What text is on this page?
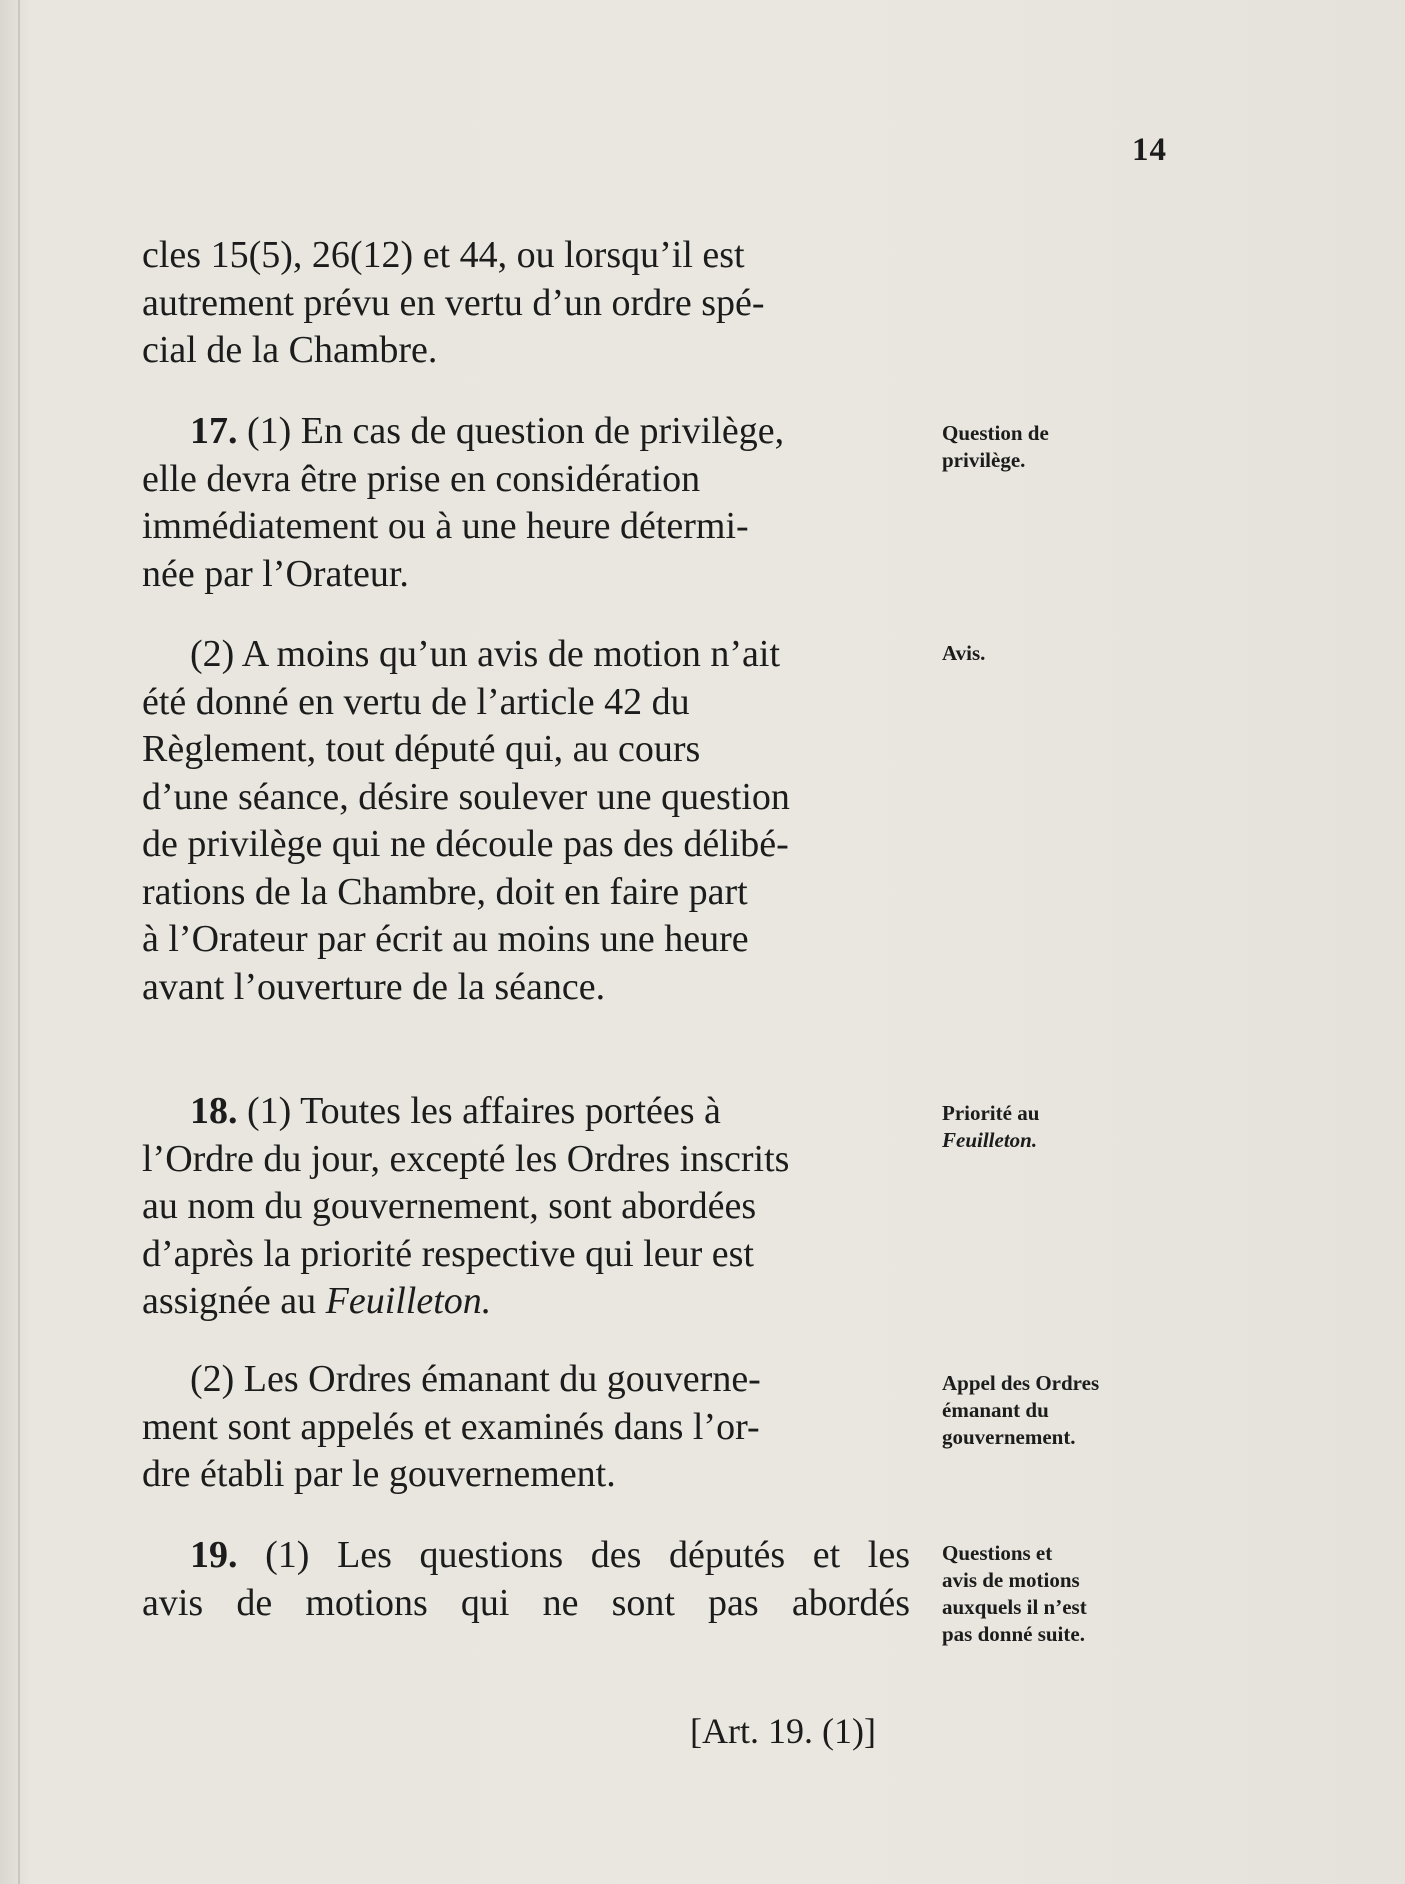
14

cles 15(5), 26(12) et 44, ou lorsqu’il est
autrement prévu en vertu d’un ordre spé-
cial de la Chambre.

17. (1) En cas de question de privilège,
elle devra être prise en considération
immédiatement ou à une heure détermi-
née par l’Orateur.

(2) A moins qu’un avis de motion n’ait
été donné en vertu de l’article 42 du
Règlement, tout député qui, au cours
d’une séance, désire soulever une question
de privilège qui ne découle pas des délibé-
rations de la Chambre, doit en faire part
à l’Orateur par écrit au moins une heure
avant l’ouverture de la séance.

18. (1) Toutes les affaires portées à
l’Ordre du jour, excepté les Ordres inscrits
au nom du gouvernement, sont abordées
d’après la priorité respective qui leur est
assignée au Feuilleton.

(2) Les Ordres émanant du gouverne-
ment sont appelés et examinés dans l’or-
dre établi par le gouvernement.

19. (1) Les questions des députés et les
avis de motions qui ne sont pas abordés

Question de
privilège.
Avis.
Priorité au
Feuilleton.
Appel des Ordres
émanant du
gouvernement.
Questions et
avis de motions
auxquels il n’est
pas donné suite.
[Art. 19. (1)]
